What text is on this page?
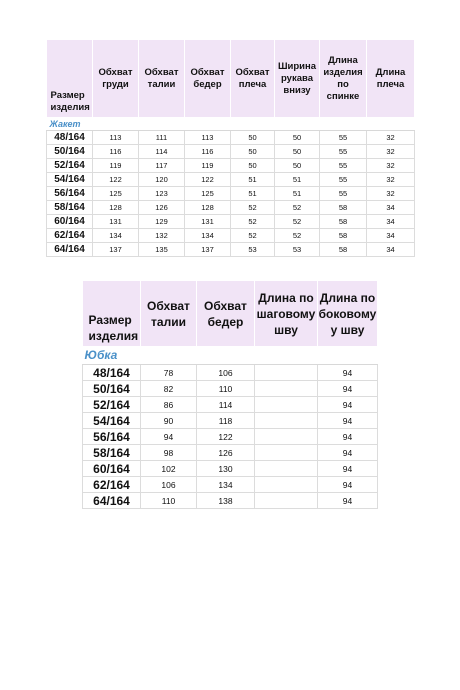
Размер изделия	Обхват груди	Обхват талии	Обхват бедер	Обхват плеча	Ширина рукава внизу	Длина изделия по спинке	Длина плеча
Жакет							
48/164	113	111	113	50	50	55	32
50/164	116	114	116	50	50	55	32
52/164	119	117	119	50	50	55	32
54/164	122	120	122	51	51	55	32
56/164	125	123	125	51	51	55	32
58/164	128	126	128	52	52	58	34
60/164	131	129	131	52	52	58	34
62/164	134	132	134	52	52	58	34
64/164	137	135	137	53	53	58	34
Размер изделия	Обхват талии	Обхват бедер	Длина по шаговому шву	Длина по боковому у шву
Юбка				
48/164	78	106		94
50/164	82	110		94
52/164	86	114		94
54/164	90	118		94
56/164	94	122		94
58/164	98	126		94
60/164	102	130		94
62/164	106	134		94
64/164	110	138		94
